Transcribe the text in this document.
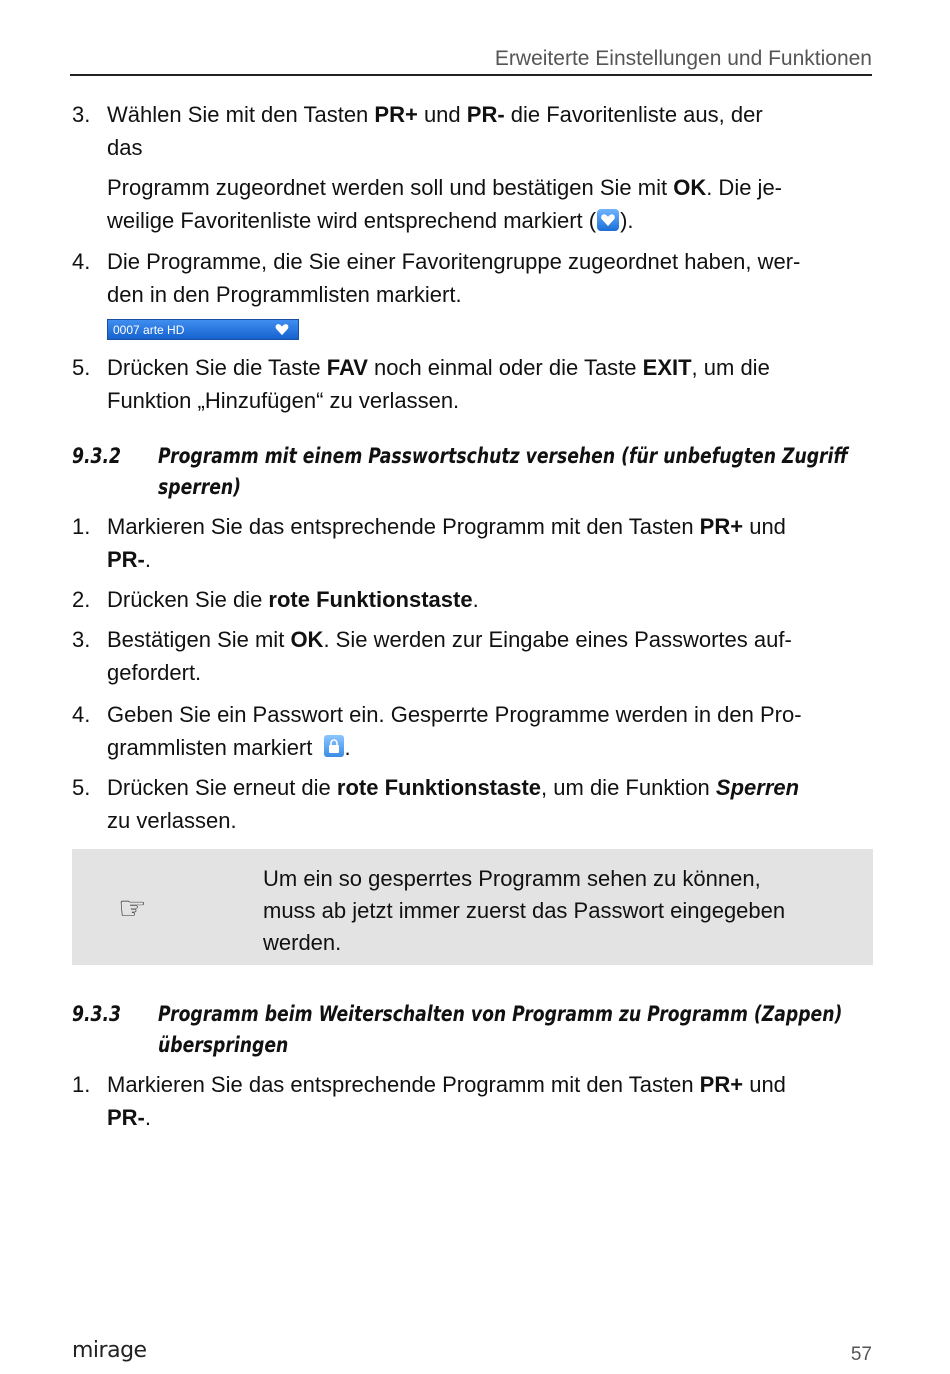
Erweiterte Einstellungen und Funktionen
3. Wählen Sie mit den Tasten PR+ und PR- die Favoritenliste aus, der
das
Programm zugeordnet werden soll und bestätigen Sie mit OK. Die je-
weilige Favoritenliste wird entsprechend markiert ( ).
4. Die Programme, die Sie einer Favoritengruppe zugeordnet haben, wer-
den in den Programmlisten markiert.
0007 arte HD
5. Drücken Sie die Taste FAV noch einmal oder die Taste EXIT, um die
Funktion „Hinzufügen“ zu verlassen.
9.3.2 Programm mit einem Passwortschutz versehen (für unbefugten Zugriff
sperren)
1. Markieren Sie das entsprechende Programm mit den Tasten PR+ und
PR-.
2. Drücken Sie die rote Funktionstaste.
3. Bestätigen Sie mit OK. Sie werden zur Eingabe eines Passwortes auf-
gefordert.
4. Geben Sie ein Passwort ein. Gesperrte Programme werden in den Pro-
grammlisten markiert
.
5. Drücken Sie erneut die rote Funktionstaste, um die Funktion Sperren
zu verlassen.
☞
Um ein so gesperrtes Programm sehen zu können,
muss ab jetzt immer zuerst das Passwort eingegeben
werden.
9.3.3 Programm beim Weiterschalten von Programm zu Programm (Zappen)
überspringen
1. Markieren Sie das entsprechende Programm mit den Tasten PR+ und
PR-.
mirage	57
